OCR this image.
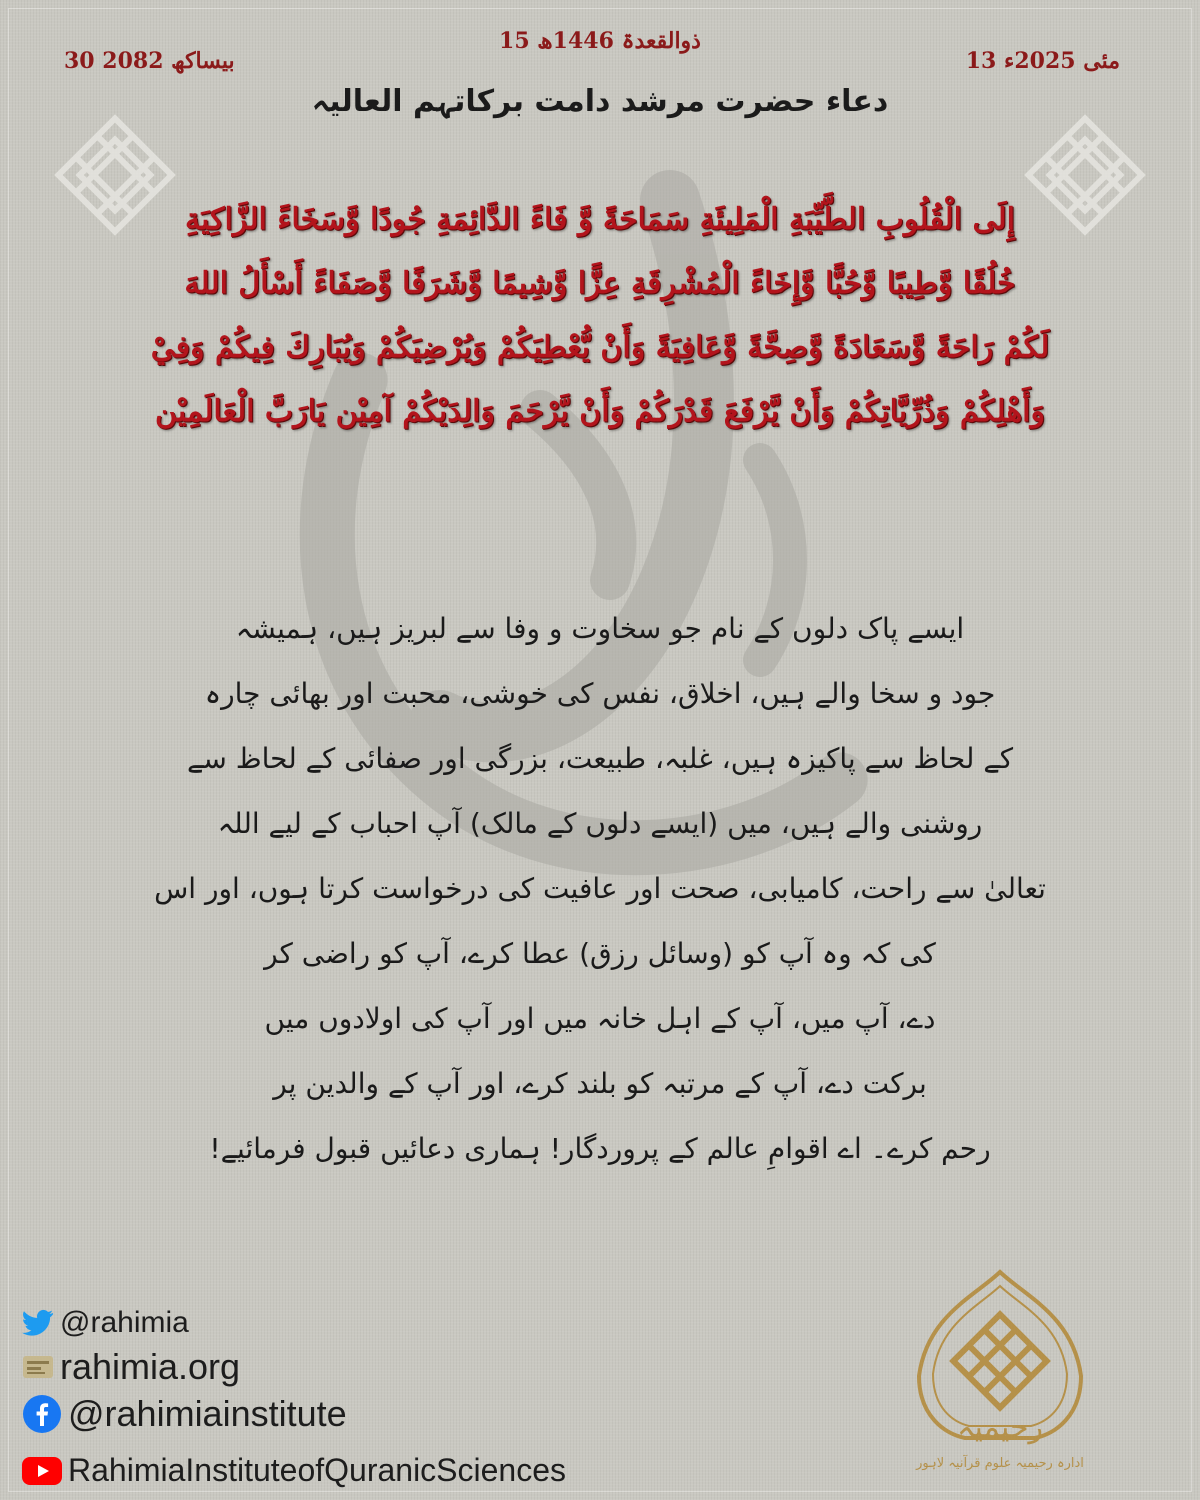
15 ذوالقعدۃ 1446ھ
13 مئی 2025ء
30 بیساکھ 2082
دعاء حضرت مرشد دامت برکاتہم العالیہ
إِلَى الْقُلُوبِ الطَّيِّبَةِ الْمَلِيئَةِ سَمَاحَةً وَّ فَاءً الدَّائِمَةِ جُودًا وَّسَخَاءً الزَّاكِيَةِ
خُلُقًا وَّطِيبًا وَّحُبًّا وَّإِخَاءً الْمُشْرِقَةِ عِزًّا وَّشِيمًا وَّشَرَفًا وَّصَفَاءً أَسْأَلُ اللهَ
لَكُمْ رَاحَةً وَّسَعَادَةً وَّصِحَّةً وَّعَافِيَةً وَأَنْ يُّعْطِيَكُمْ وَيُرْضِيَكُمْ وَيُبَارِكَ فِيكُمْ وَفِيْ
وَأَهْلِكُمْ وَذُرِّيَّاتِكُمْ وَأَنْ يَّرْفَعَ قَدْرَكُمْ وَأَنْ يَّرْحَمَ وَالِدَيْكُمْ آمِيْن يَارَبَّ الْعَالَمِيْن
ایسے پاک دلوں کے نام جو سخاوت و وفا سے لبریز ہیں، ہمیشہ
جود و سخا والے ہیں، اخلاق، نفس کی خوشی، محبت اور بھائی چارہ
کے لحاظ سے پاکیزہ ہیں، غلبہ، طبیعت، بزرگی اور صفائی کے لحاظ سے
روشنی والے ہیں، میں (ایسے دلوں کے مالک) آپ احباب کے لیے اللہ
تعالیٰ سے راحت، کامیابی، صحت اور عافیت کی درخواست کرتا ہوں، اور اس
کی کہ وہ آپ کو (وسائل رزق) عطا کرے، آپ کو راضی کر
دے، آپ میں، آپ کے اہل خانہ میں اور آپ کی اولادوں میں
برکت دے، آپ کے مرتبہ کو بلند کرے، اور آپ کے والدین پر
رحم کرے۔ اے اقوامِ عالم کے پروردگار! ہماری دعائیں قبول فرمائیے!
@rahimia
rahimia.org
@rahimiainstitute
RahimiaInstituteofQuranicSciences
رحیمیہ
ادارہ رحیمیہ علوم قرآنیہ لاہور
